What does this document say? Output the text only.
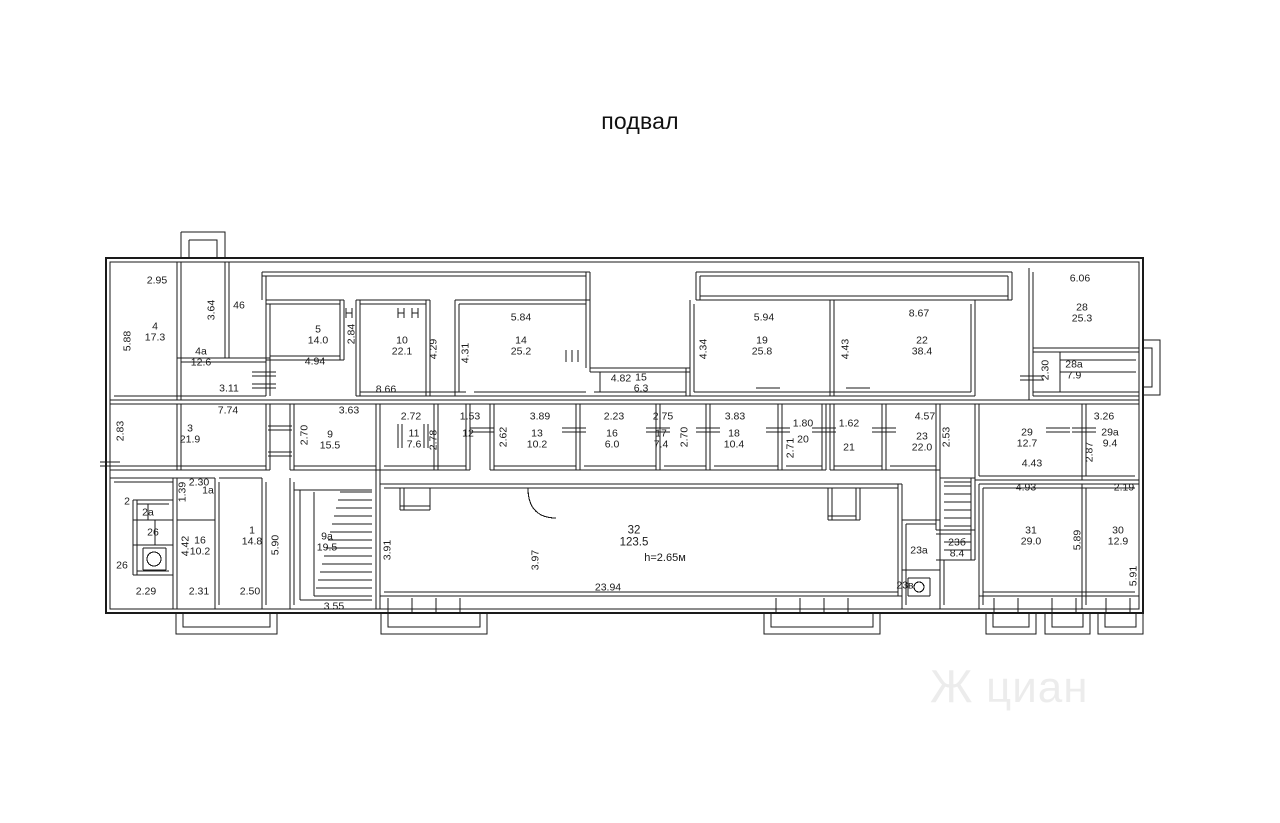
подвал
2.95
5.88
3.64 46
4
17.3
4а
12.6
3.11
5
14.0
4.94
2.84	10
22.1 4.29 4.31
5.84
14
25.2
8.66
4.82 15
6.3
4.34
5.94
19
25.8	4.43
8.67
22
38.4
6.06
28
25.3
2.30 28а
7.9
2.83
7.74
3
21.9	2.70
3.63
9
15.5
2.72
11
7.6 2.78
1.53
12 2.62
3.89
13
10.2
2.23
16
6.0
2.75
17
7.4 2.70
3.83
18
10.4	2.71
1.80
20
1.62
21
4.57
23
22.0
2.53	29
12.7
3.26
29а
9.4
2.87
4.43
4.93	2.19
2.30
1.39 1а
2
2а
26
26
4.42 16
10.2
1
14.8 5.90
2.29	2.31	2.50
9а
19.5
3.55
3.91	3.97
32
123.5
h=2.65м
23.94
23а
23б
8.4
23в
31
29.0	5.89	30
12.9
5.91
Ж циан
